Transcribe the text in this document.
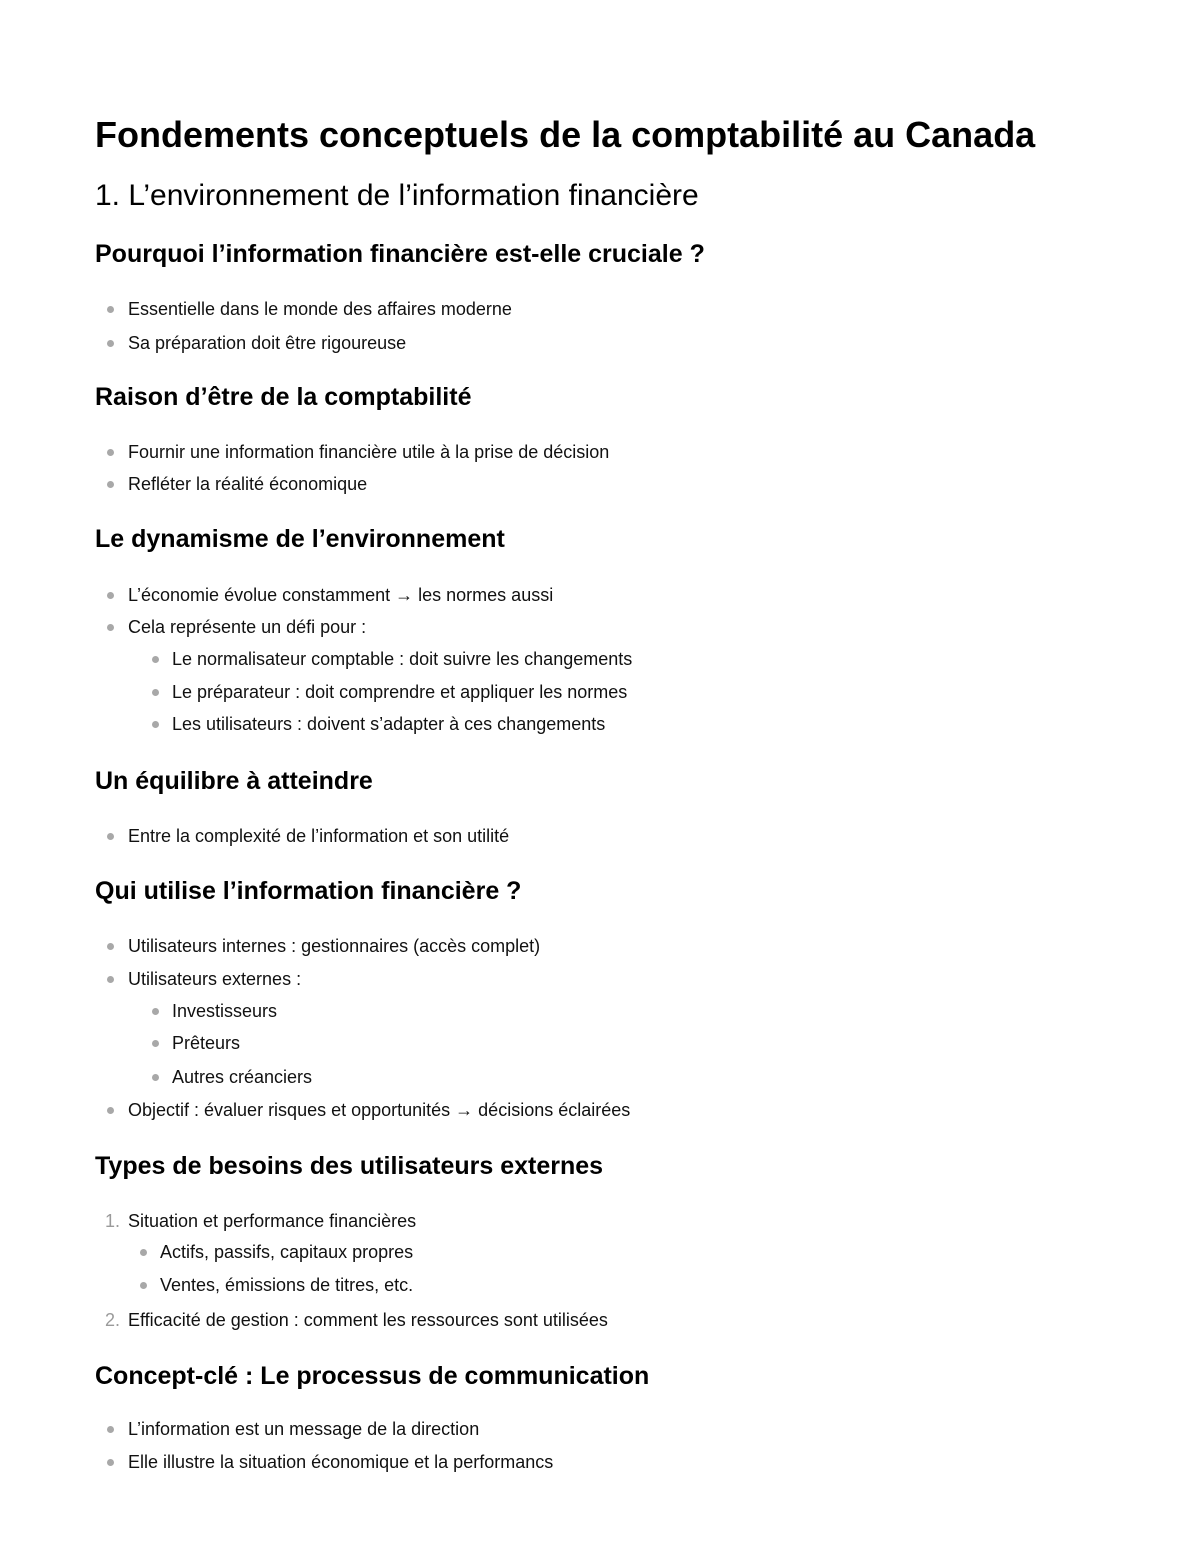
Fondements conceptuels de la comptabilité au Canada
1. L’environnement de l’information financière
Pourquoi l’information financière est-elle cruciale ?

Essentielle dans le monde des affaires moderne

Sa préparation doit être rigoureuse

Raison d’être de la comptabilité

Fournir une information financière utile à la prise de décision

Refléter la réalité économique

Le dynamisme de l’environnement

L’économie évolue constamment → les normes aussi

Cela représente un défi pour :

Le normalisateur comptable : doit suivre les changements

Le préparateur : doit comprendre et appliquer les normes

Les utilisateurs : doivent s’adapter à ces changements

Un équilibre à atteindre

Entre la complexité de l’information et son utilité

Qui utilise l’information financière ?

Utilisateurs internes : gestionnaires (accès complet)

Utilisateurs externes :

Investisseurs

Prêteurs

Autres créanciers

Objectif : évaluer risques et opportunités → décisions éclairées

Types de besoins des utilisateurs externes
1. Situation et performance financières

Actifs, passifs, capitaux propres

Ventes, émissions de titres, etc.

2. Efficacité de gestion : comment les ressources sont utilisées

Concept-clé : Le processus de communication

L’information est un message de la direction

Elle illustre la situation économique et la performancs
